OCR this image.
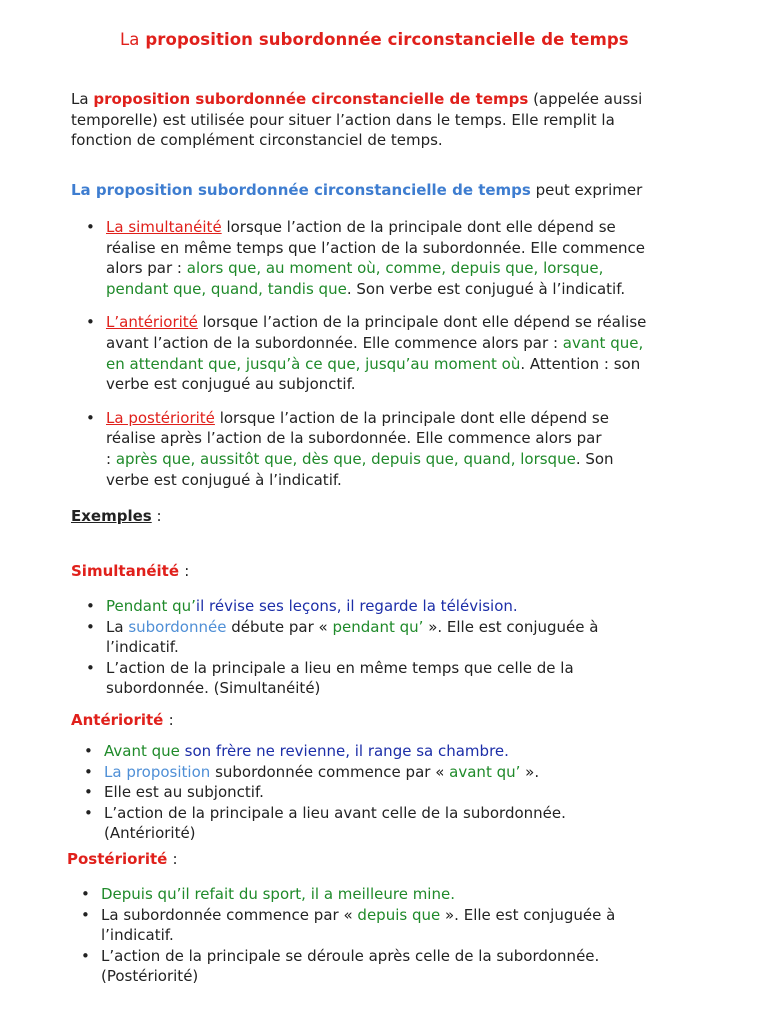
La proposition subordonnée circonstancielle de temps
La proposition subordonnée circonstancielle de temps (appelée aussi
temporelle) est utilisée pour situer l’action dans le temps. Elle remplit la
fonction de complément circonstanciel de temps.
La proposition subordonnée circonstancielle de temps peut exprimer
• La simultanéité lorsque l’action de la principale dont elle dépend se
réalise en même temps que l’action de la subordonnée. Elle commence
alors par : alors que, au moment où, comme, depuis que, lorsque,
pendant que, quand, tandis que. Son verbe est conjugué à l’indicatif.
• L’antériorité lorsque l’action de la principale dont elle dépend se réalise
avant l’action de la subordonnée. Elle commence alors par : avant que,
en attendant que, jusqu’à ce que, jusqu’au moment où. Attention : son
verbe est conjugué au subjonctif.
• La postériorité lorsque l’action de la principale dont elle dépend se
réalise après l’action de la subordonnée. Elle commence alors par
: après que, aussitôt que, dès que, depuis que, quand, lorsque. Son
verbe est conjugué à l’indicatif.
Exemples :
Simultanéité :
• Pendant qu’il révise ses leçons, il regarde la télévision.
• La subordonnée débute par « pendant qu’ ». Elle est conjuguée à
l’indicatif.
• L’action de la principale a lieu en même temps que celle de la
subordonnée. (Simultanéité)
Antériorité :
• Avant que son frère ne revienne, il range sa chambre.
• La proposition subordonnée commence par « avant qu’ ».
• Elle est au subjonctif.
• L’action de la principale a lieu avant celle de la subordonnée.
(Antériorité)
Postériorité :
• Depuis qu’il refait du sport, il a meilleure mine.
• La subordonnée commence par « depuis que ». Elle est conjuguée à
l’indicatif.
• L’action de la principale se déroule après celle de la subordonnée.
(Postériorité)
